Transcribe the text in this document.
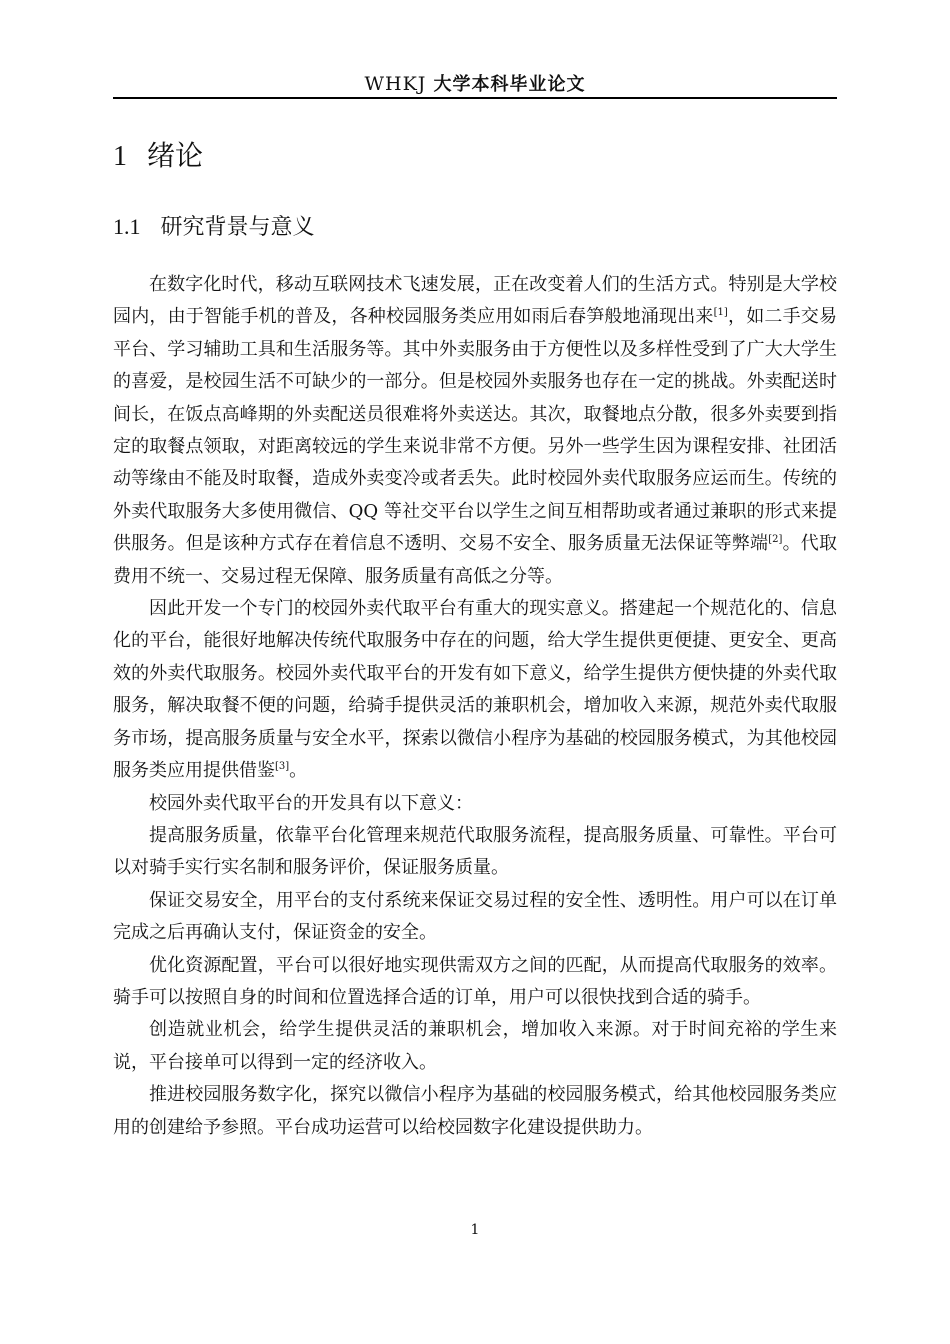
WHKJ 大学本科毕业论文
1 绪论
1.1 研究背景与意义

在数字化时代，移动互联网技术飞速发展，正在改变着人们的生活方式。特别是大学校园内，由于智能手机的普及，各种校园服务类应用如雨后春笋般地涌现出来[1]，如二手交易平台、学习辅助工具和生活服务等。其中外卖服务由于方便性以及多样性受到了广大大学生的喜爱，是校园生活不可缺少的一部分。但是校园外卖服务也存在一定的挑战。外卖配送时间长，在饭点高峰期的外卖配送员很难将外卖送达。其次，取餐地点分散，很多外卖要到指定的取餐点领取，对距离较远的学生来说非常不方便。另外一些学生因为课程安排、社团活动等缘由不能及时取餐，造成外卖变冷或者丢失。此时校园外卖代取服务应运而生。传统的外卖代取服务大多使用微信、QQ 等社交平台以学生之间互相帮助或者通过兼职的形式来提供服务。但是该种方式存在着信息不透明、交易不安全、服务质量无法保证等弊端[2]。代取费用不统一、交易过程无保障、服务质量有高低之分等。

因此开发一个专门的校园外卖代取平台有重大的现实意义。搭建起一个规范化的、信息化的平台，能很好地解决传统代取服务中存在的问题，给大学生提供更便捷、更安全、更高效的外卖代取服务。校园外卖代取平台的开发有如下意义，给学生提供方便快捷的外卖代取服务，解决取餐不便的问题，给骑手提供灵活的兼职机会，增加收入来源，规范外卖代取服务市场，提高服务质量与安全水平，探索以微信小程序为基础的校园服务模式，为其他校园服务类应用提供借鉴[3]。

校园外卖代取平台的开发具有以下意义：

提高服务质量，依靠平台化管理来规范代取服务流程，提高服务质量、可靠性。平台可以对骑手实行实名制和服务评价，保证服务质量。

保证交易安全，用平台的支付系统来保证交易过程的安全性、透明性。用户可以在订单完成之后再确认支付，保证资金的安全。

优化资源配置，平台可以很好地实现供需双方之间的匹配，从而提高代取服务的效率。骑手可以按照自身的时间和位置选择合适的订单，用户可以很快找到合适的骑手。

创造就业机会，给学生提供灵活的兼职机会，增加收入来源。对于时间充裕的学生来说，平台接单可以得到一定的经济收入。

推进校园服务数字化，探究以微信小程序为基础的校园服务模式，给其他校园服务类应用的创建给予参照。平台成功运营可以给校园数字化建设提供助力。

1
